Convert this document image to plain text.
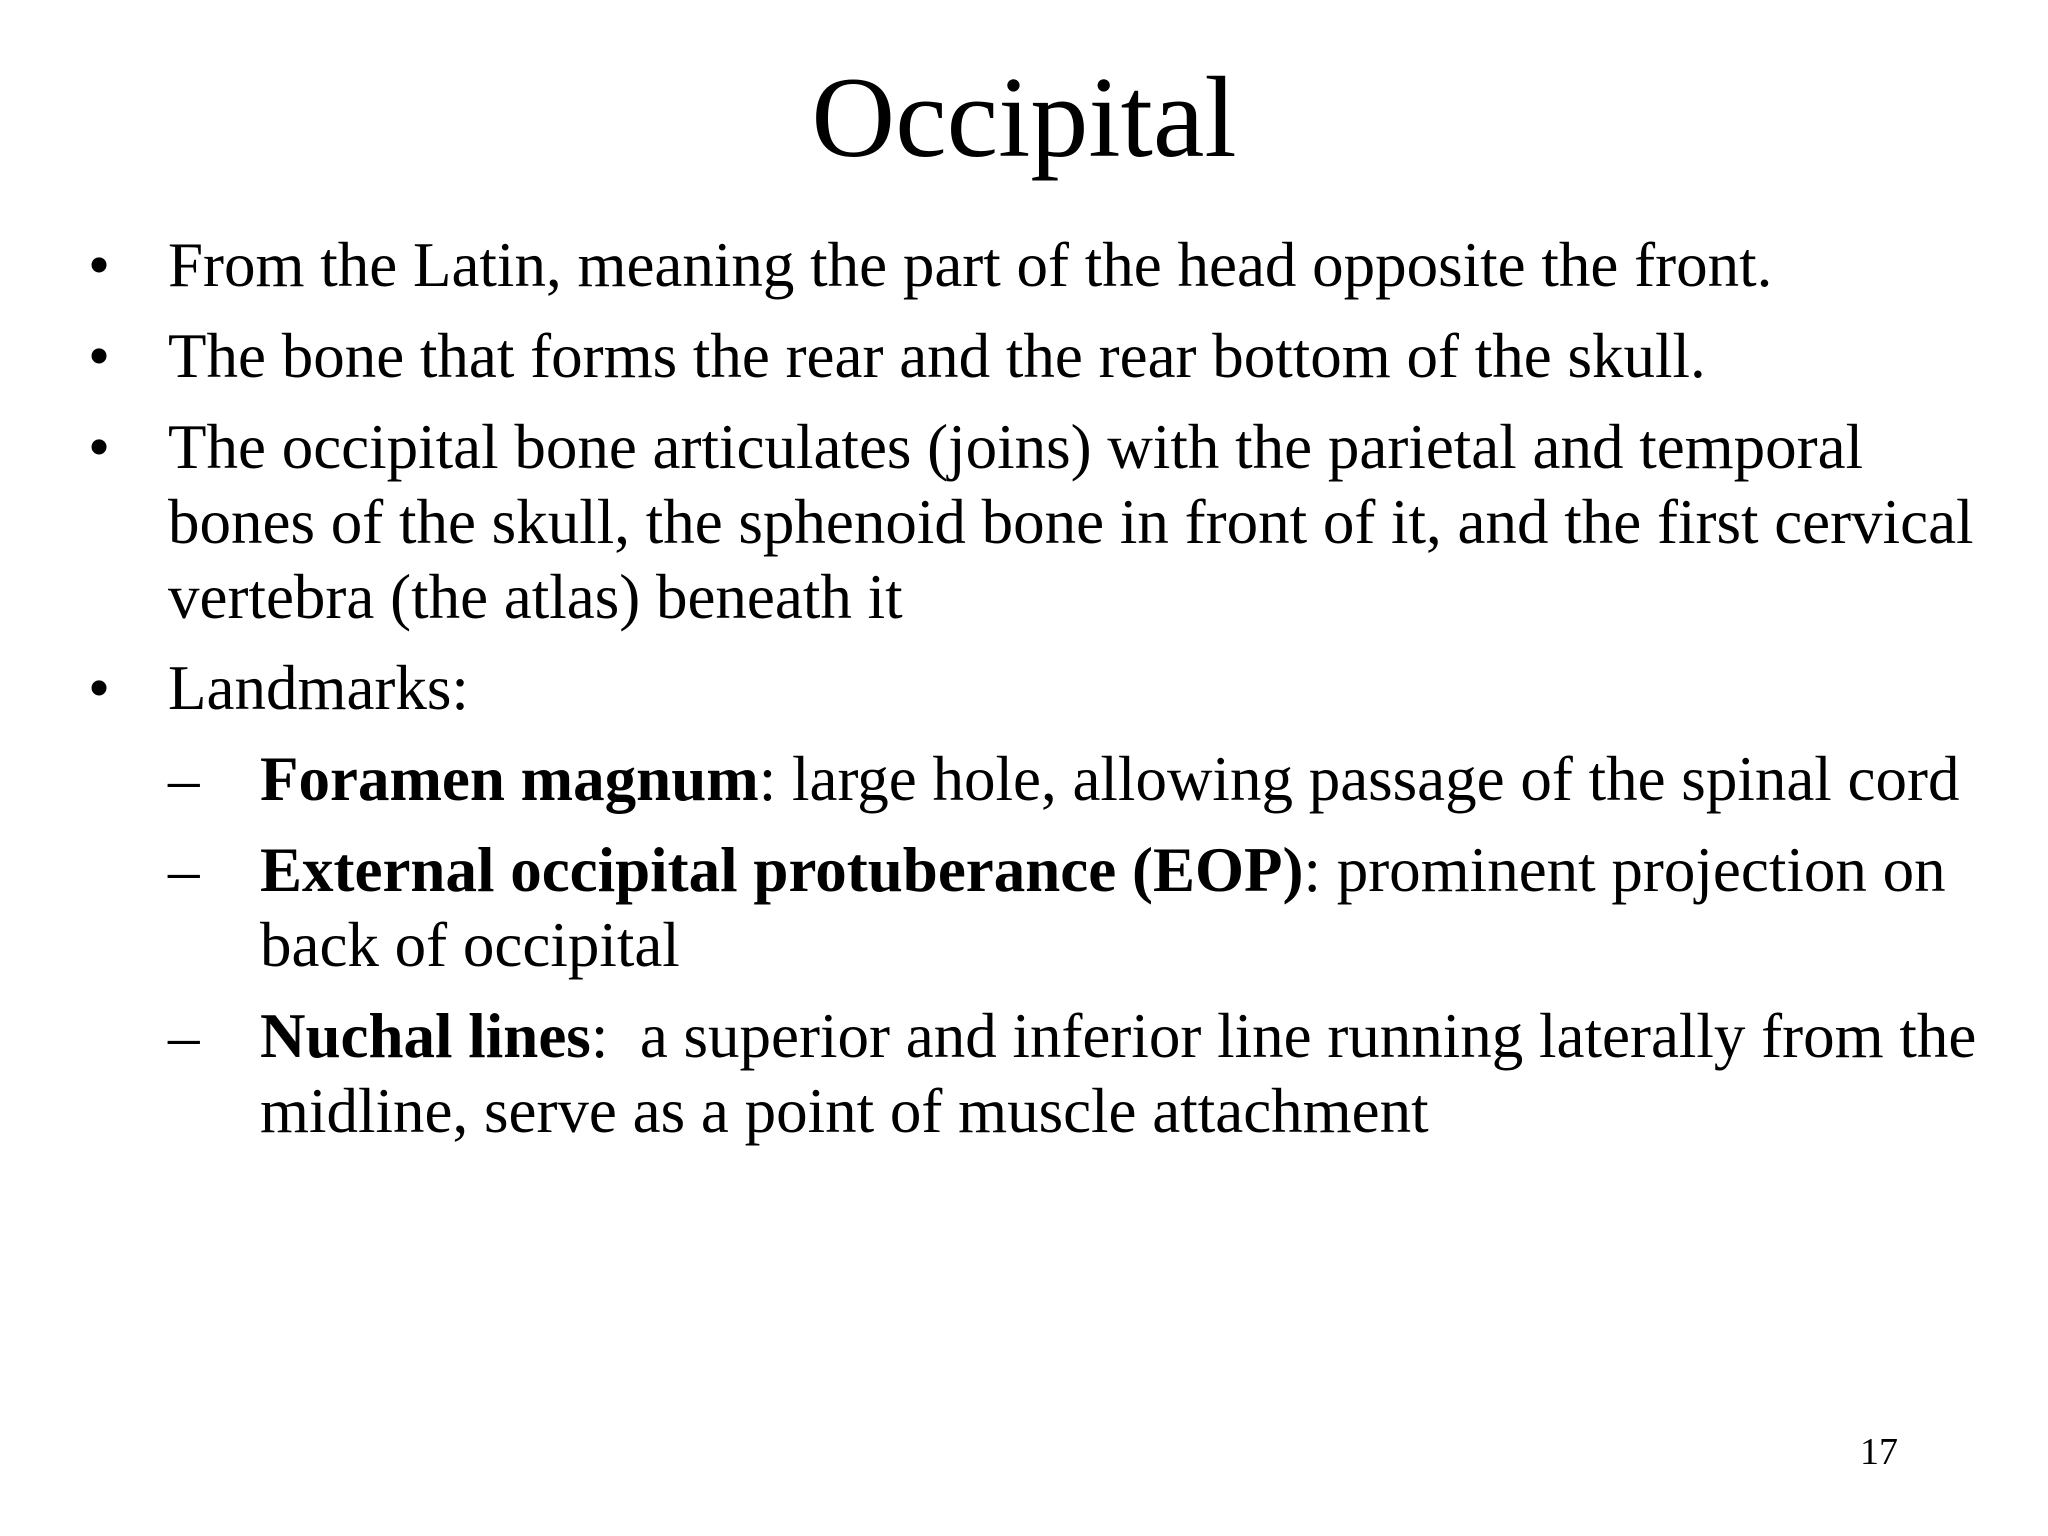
Occipital
• From the Latin, meaning the part of the head opposite the front.
• The bone that forms the rear and the rear bottom of the skull.
• The occipital bone articulates (joins) with the parietal and temporal bones of the skull, the sphenoid bone in front of it, and the first cervical vertebra (the atlas) beneath it
• Landmarks:
– Foramen magnum: large hole, allowing passage of the spinal cord
– External occipital protuberance (EOP): prominent projection on back of occipital
– Nuchal lines:  a superior and inferior line running laterally from the midline, serve as a point of muscle attachment
17
